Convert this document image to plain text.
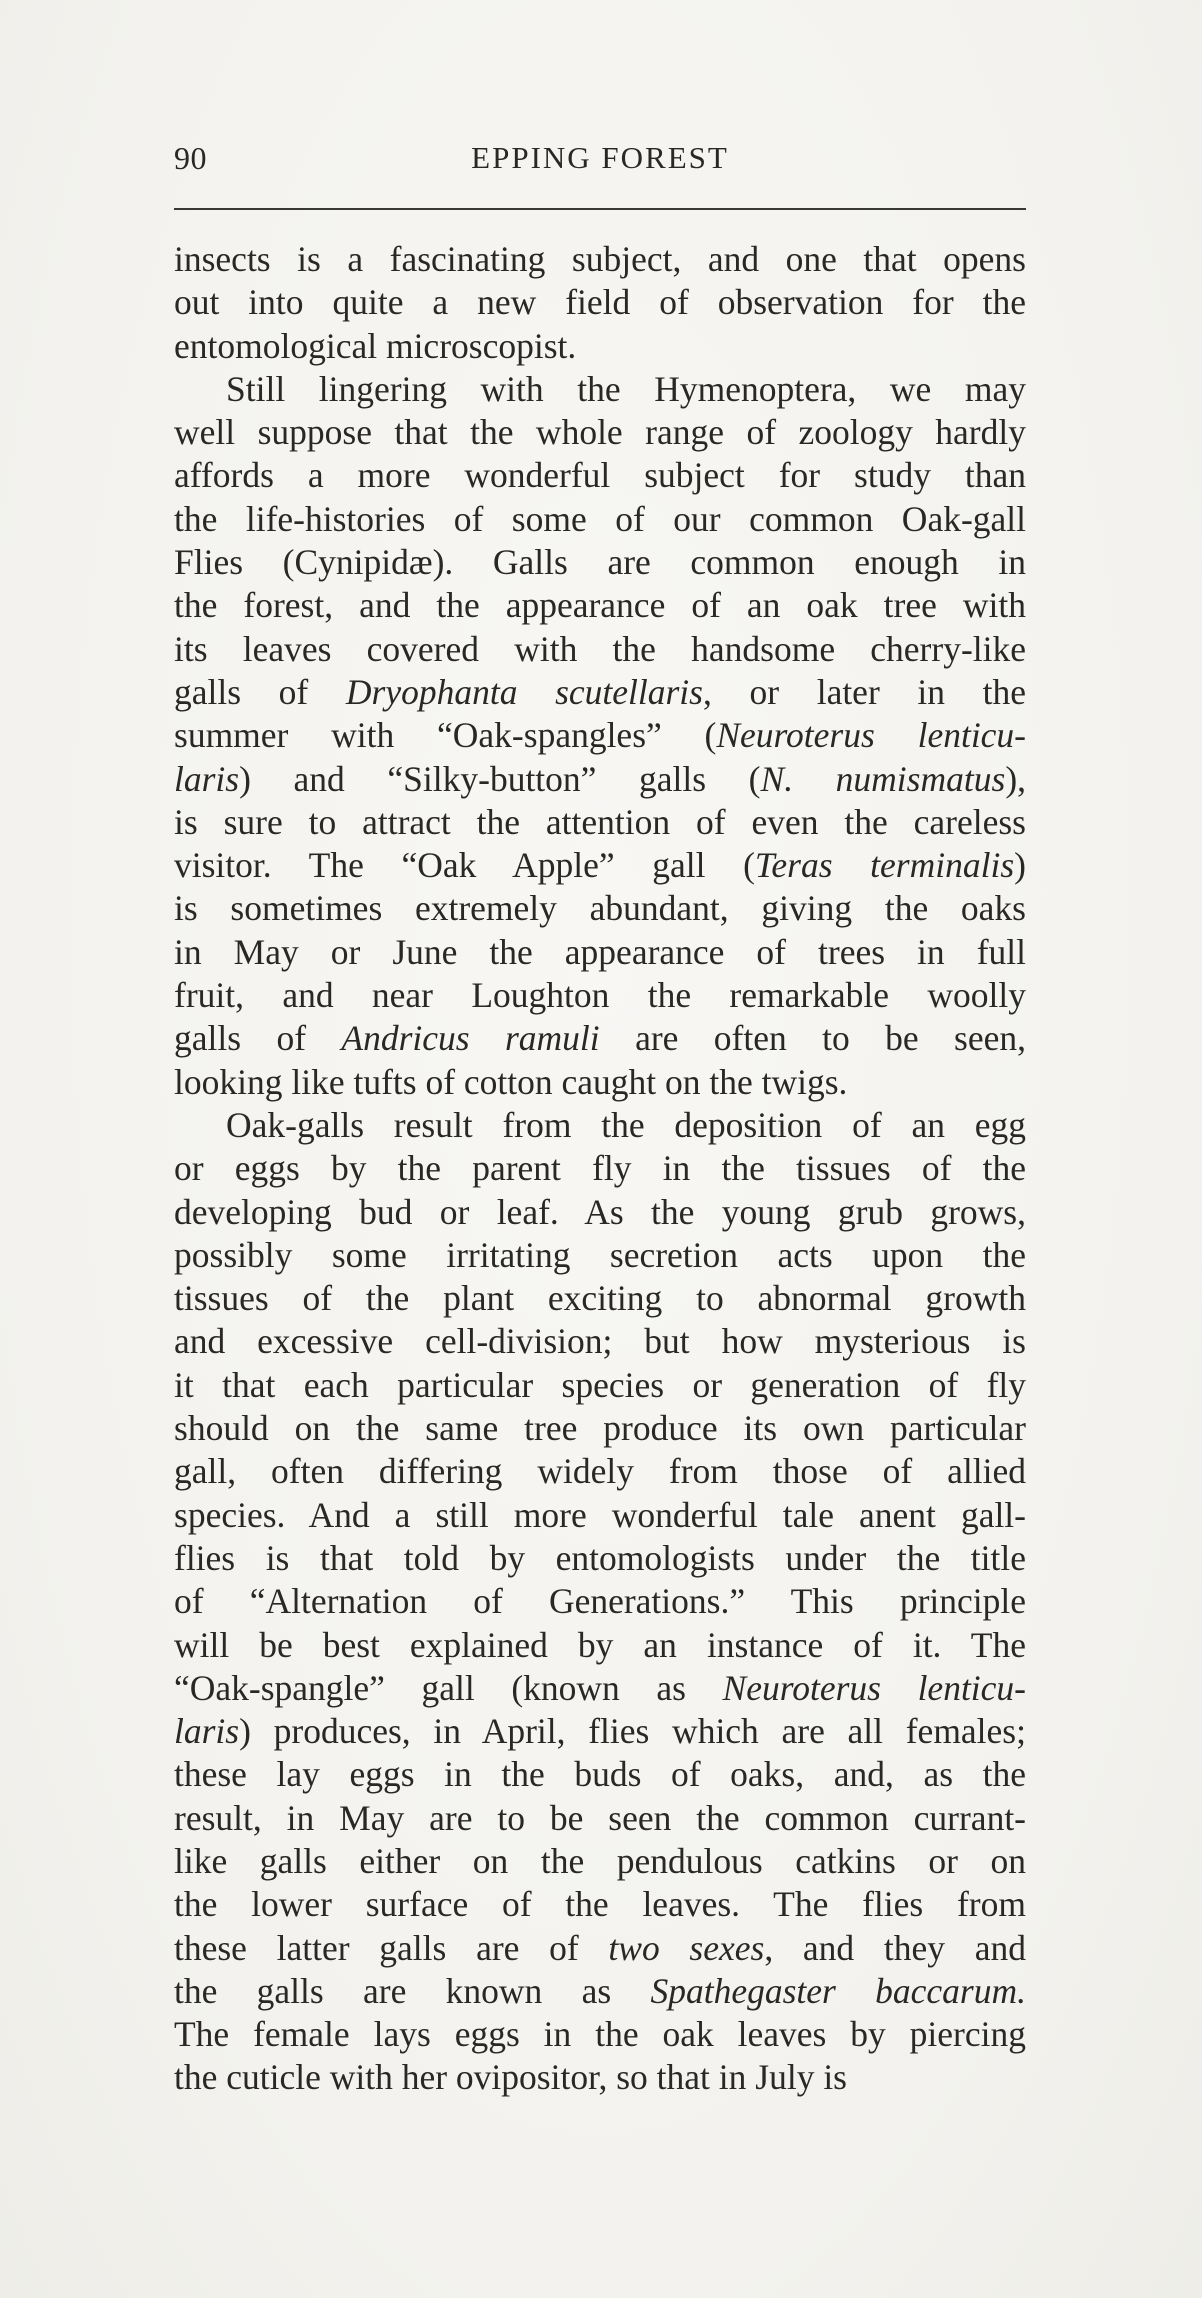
90	EPPING FOREST
insects is a fascinating subject, and one that opens
out into quite a new field of observation for the
entomological microscopist.
Still lingering with the Hymenoptera, we may
well suppose that the whole range of zoology hardly
affords a more wonderful subject for study than
the life-histories of some of our common Oak-gall
Flies (Cynipidæ). Galls are common enough in
the forest, and the appearance of an oak tree with
its leaves covered with the handsome cherry-like
galls of Dryophanta scutellaris, or later in the
summer with “Oak-spangles” (Neuroterus lenticu-
laris) and “Silky-button” galls (N. numismatus),
is sure to attract the attention of even the careless
visitor. The “Oak Apple” gall (Teras terminalis)
is sometimes extremely abundant, giving the oaks
in May or June the appearance of trees in full
fruit, and near Loughton the remarkable woolly
galls of Andricus ramuli are often to be seen,
looking like tufts of cotton caught on the twigs.
Oak-galls result from the deposition of an egg
or eggs by the parent fly in the tissues of the
developing bud or leaf. As the young grub grows,
possibly some irritating secretion acts upon the
tissues of the plant exciting to abnormal growth
and excessive cell-division; but how mysterious is
it that each particular species or generation of fly
should on the same tree produce its own particular
gall, often differing widely from those of allied
species. And a still more wonderful tale anent gall-
flies is that told by entomologists under the title
of “Alternation of Generations.” This principle
will be best explained by an instance of it. The
“Oak-spangle” gall (known as Neuroterus lenticu-
laris) produces, in April, flies which are all females;
these lay eggs in the buds of oaks, and, as the
result, in May are to be seen the common currant-
like galls either on the pendulous catkins or on
the lower surface of the leaves. The flies from
these latter galls are of two sexes, and they and
the galls are known as Spathegaster baccarum.
The female lays eggs in the oak leaves by piercing
the cuticle with her ovipositor, so that in July is
